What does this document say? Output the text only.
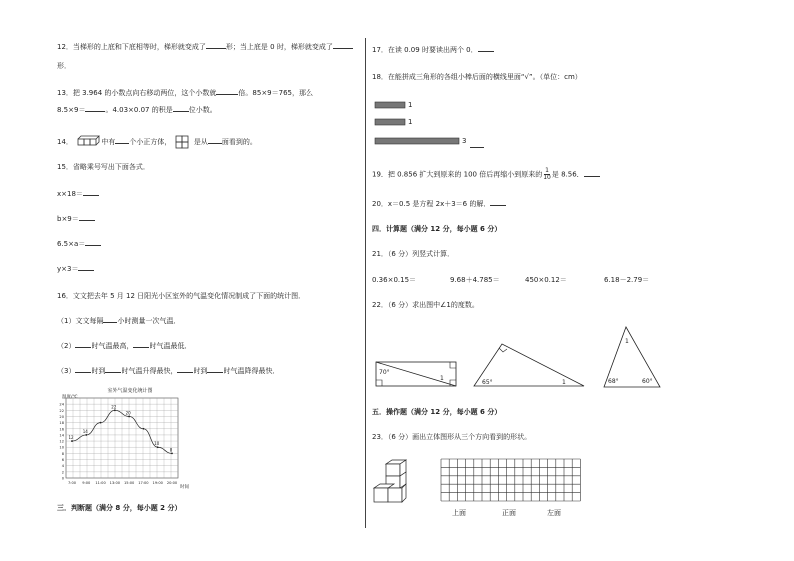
12．当梯形的上底和下底相等时，梯形就变成了	形；当上底是 0 时，梯形就变成了
形．
13．把 3.964 的小数点向右移动两位，这个小数就	倍。85×9＝765，那么
8.5×9＝	。4.03×0.07 的积是 位小数。
14．	中有 个小正方体，	是从 面看到的。
15．省略乘号写出下面各式．
x×18＝
b×9＝
6.5×a＝
y×3＝
16．文文把去年 5 月 12 日阳光小区室外的气温变化情况制成了下面的统计图．
（1）文文每隔 小时测量一次气温．
（2） 时气温最高， 时气温最低．
（3） 时到 时气温升得最快， 时到 时气温降得最快．
室外气温变化统计图
温度/℃
时间
0
2
4
6
8
10
12
14
16
18
20
22
24
7:00 9:00 11:00 13:00 15:00 17:00 19:00 20:00
12
14
22
20
10
8
三．判断题（满分 8 分，每小题 2 分）
17．在读 0.09 时要读出两个 0．
18．在能拼成三角形的各组小棒后面的横线里面“√”。（单位：cm）
1
1
3
19．把 0.856 扩大到原来的 100 倍后再缩小到原来的 $\frac{1}{10}$ 是 8.56．
20．x＝0.5 是方程 2x＋3＝6 的解．
四．计算题（满分 12 分，每小题 6 分）
21．（6 分）列竖式计算．
0.36×0.15＝	9.68＋4.785＝	450×0.12＝	6.18－2.79＝
22．（6 分）求出图中∠1的度数。
70°
1
65°	1
1
68°	60°
五．操作题（满分 12 分，每小题 6 分）
23．（6 分）画出立体图形从三个方向看到的形状。
上面	正面	左面
